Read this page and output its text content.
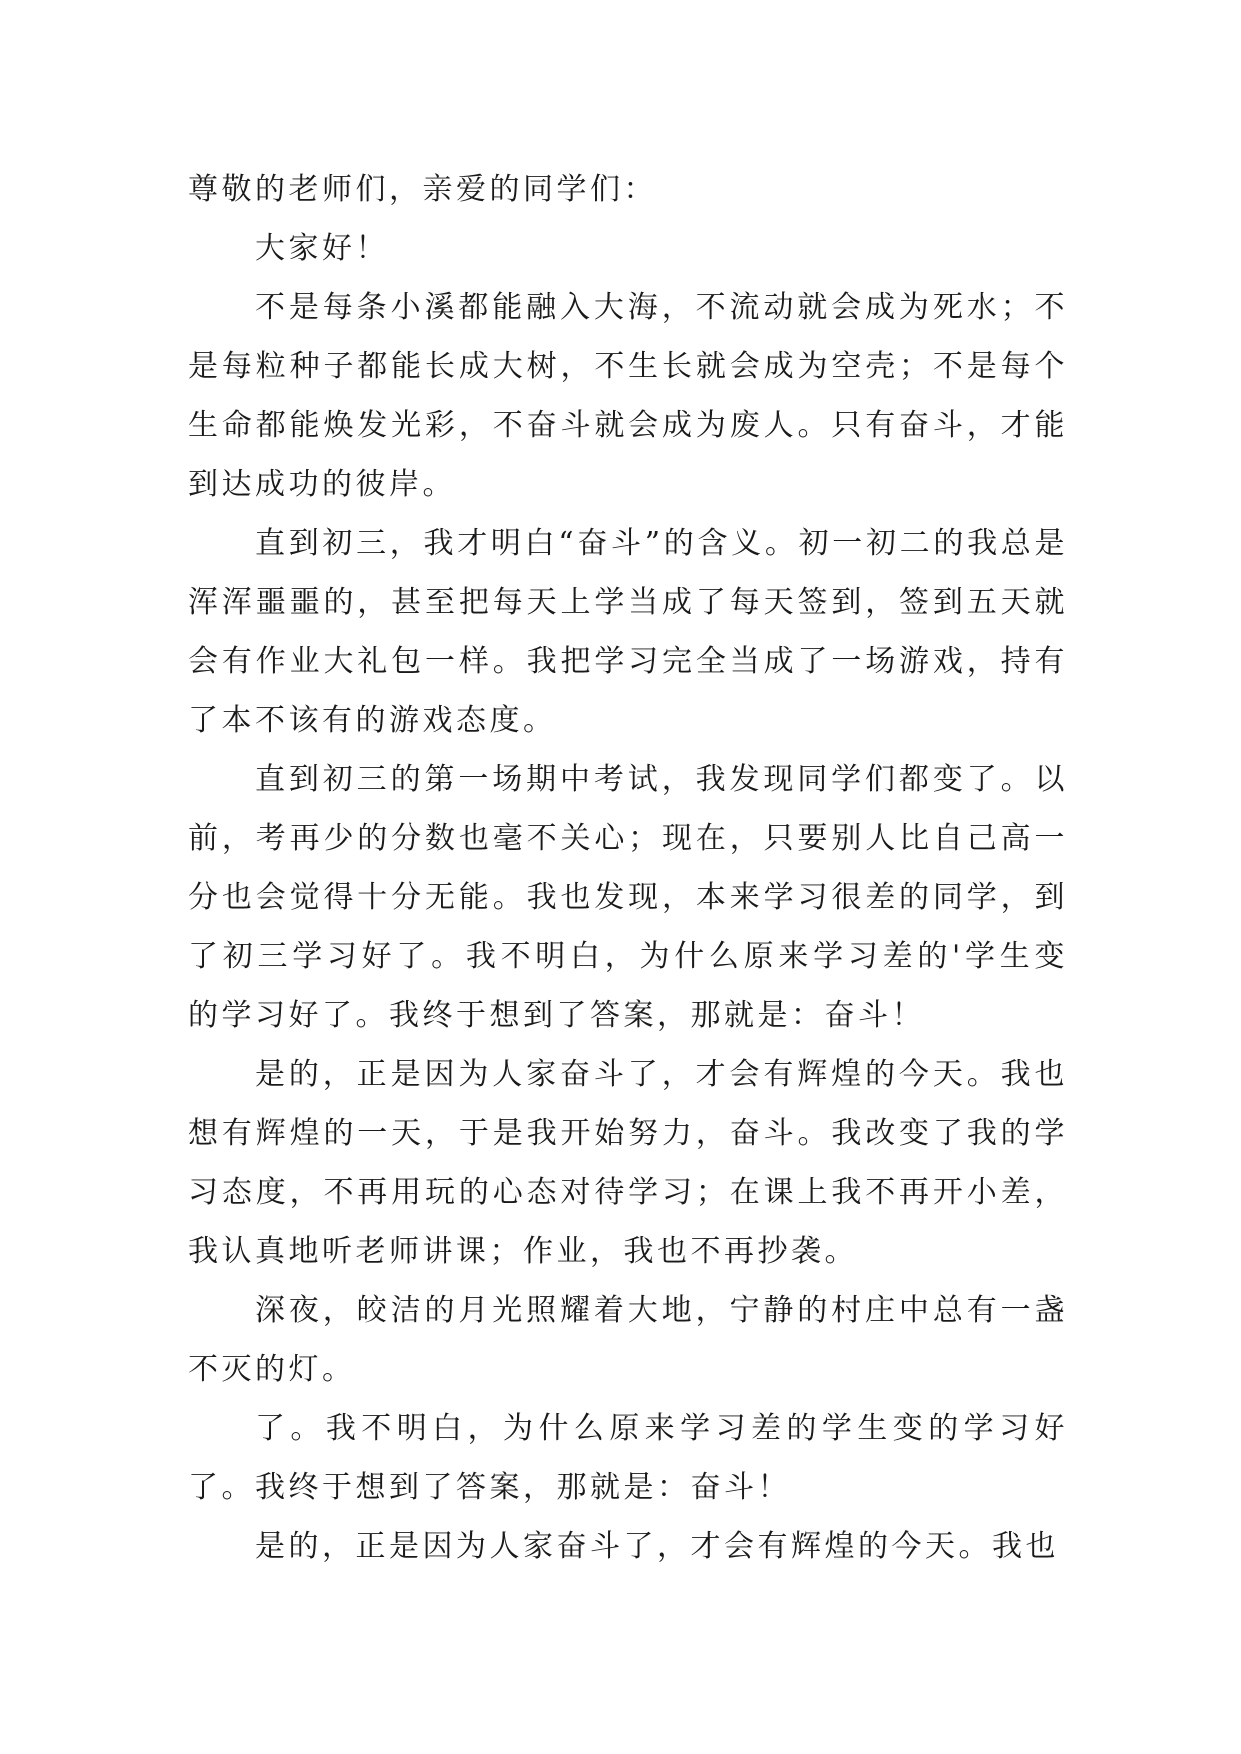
尊敬的老师们，亲爱的同学们：

大家好！

不是每条小溪都能融入大海，不流动就会成为死水；不是每粒种子都能长成大树，不生长就会成为空壳；不是每个生命都能焕发光彩，不奋斗就会成为废人。只有奋斗，才能到达成功的彼岸。

直到初三，我才明白“奋斗”的含义。初一初二的我总是浑浑噩噩的，甚至把每天上学当成了每天签到，签到五天就会有作业大礼包一样。我把学习完全当成了一场游戏，持有了本不该有的游戏态度。

直到初三的第一场期中考试，我发现同学们都变了。以前，考再少的分数也毫不关心；现在，只要别人比自己高一分也会觉得十分无能。我也发现，本来学习很差的同学，到了初三学习好了。我不明白，为什么原来学习差的'学生变的学习好了。我终于想到了答案，那就是：奋斗！

是的，正是因为人家奋斗了，才会有辉煌的今天。我也想有辉煌的一天，于是我开始努力，奋斗。我改变了我的学习态度，不再用玩的心态对待学习；在课上我不再开小差，我认真地听老师讲课；作业，我也不再抄袭。

深夜，皎洁的月光照耀着大地，宁静的村庄中总有一盏不灭的灯。

了。我不明白，为什么原来学习差的学生变的学习好了。我终于想到了答案，那就是：奋斗！

是的，正是因为人家奋斗了，才会有辉煌的今天。我也
